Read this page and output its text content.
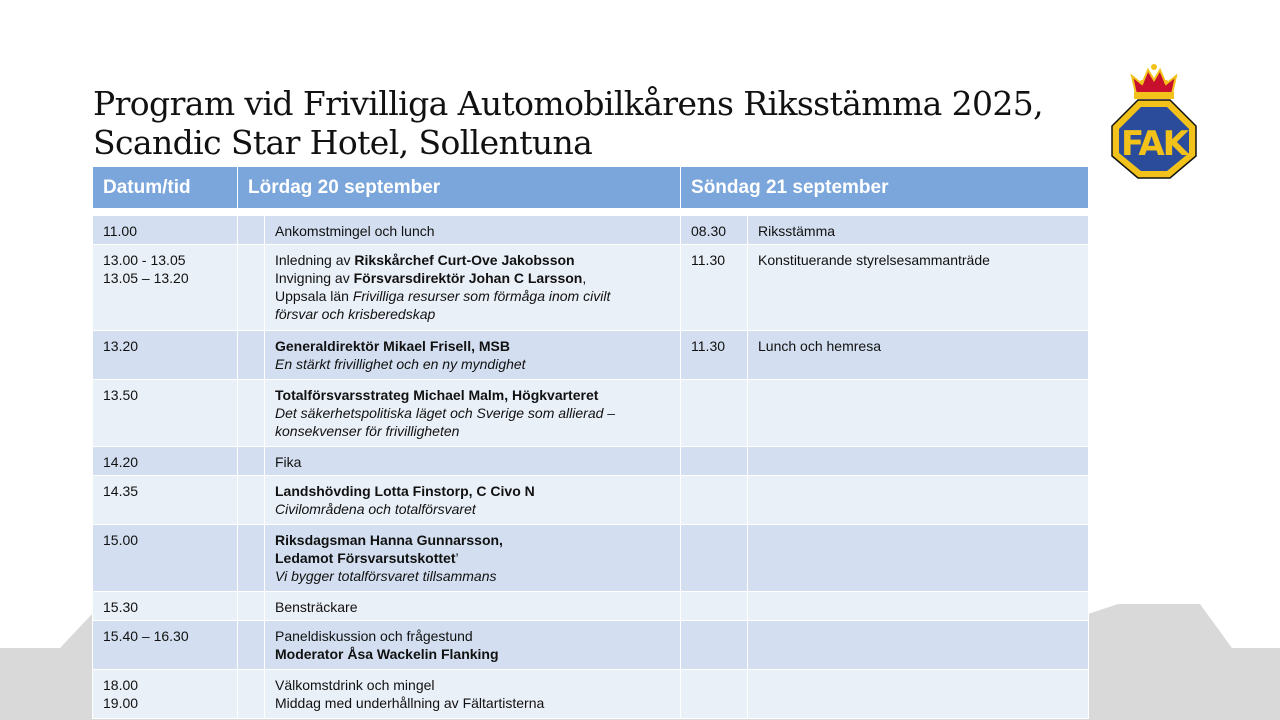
Program vid Frivilliga Automobilkårens Riksstämma 2025,
Scandic Star Hotel, Sollentuna	FAK
Datum/tid	Lördag 20 september		Söndag 21 september	

11.00		Ankomstmingel och lunch	08.30	Riksstämma

13.00 - 13.05
13.05 – 13.20		Inledning av Rikskårchef Curt-Ove Jakobsson
Invigning av Försvarsdirektör Johan C Larsson,
Uppsala län Frivilliga resurser som förmåga inom civilt
försvar och krisberedskap	11.30	Konstituerande styrelsesammanträde

13.20		Generaldirektör Mikael Frisell, MSB
En stärkt frivillighet och en ny myndighet	11.30	Lunch och hemresa

13.50		Totalförsvarsstrateg Michael Malm, Högkvarteret
Det säkerhetspolitiska läget och Sverige som allierad –
konsekvenser för frivilligheten		

14.20		Fika		

14.35		Landshövding Lotta Finstorp, C Civo N
Civilområdena och totalförsvaret		

15.00		Riksdagsman Hanna Gunnarsson,
Ledamot Försvarsutskottet’
Vi bygger totalförsvaret tillsammans		

15.30		Bensträckare		

15.40 – 16.30		Paneldiskussion och frågestund
Moderator Åsa Wackelin Flanking		

18.00
19.00		Välkomstdrink och mingel
Middag med underhållning av Fältartisterna		
